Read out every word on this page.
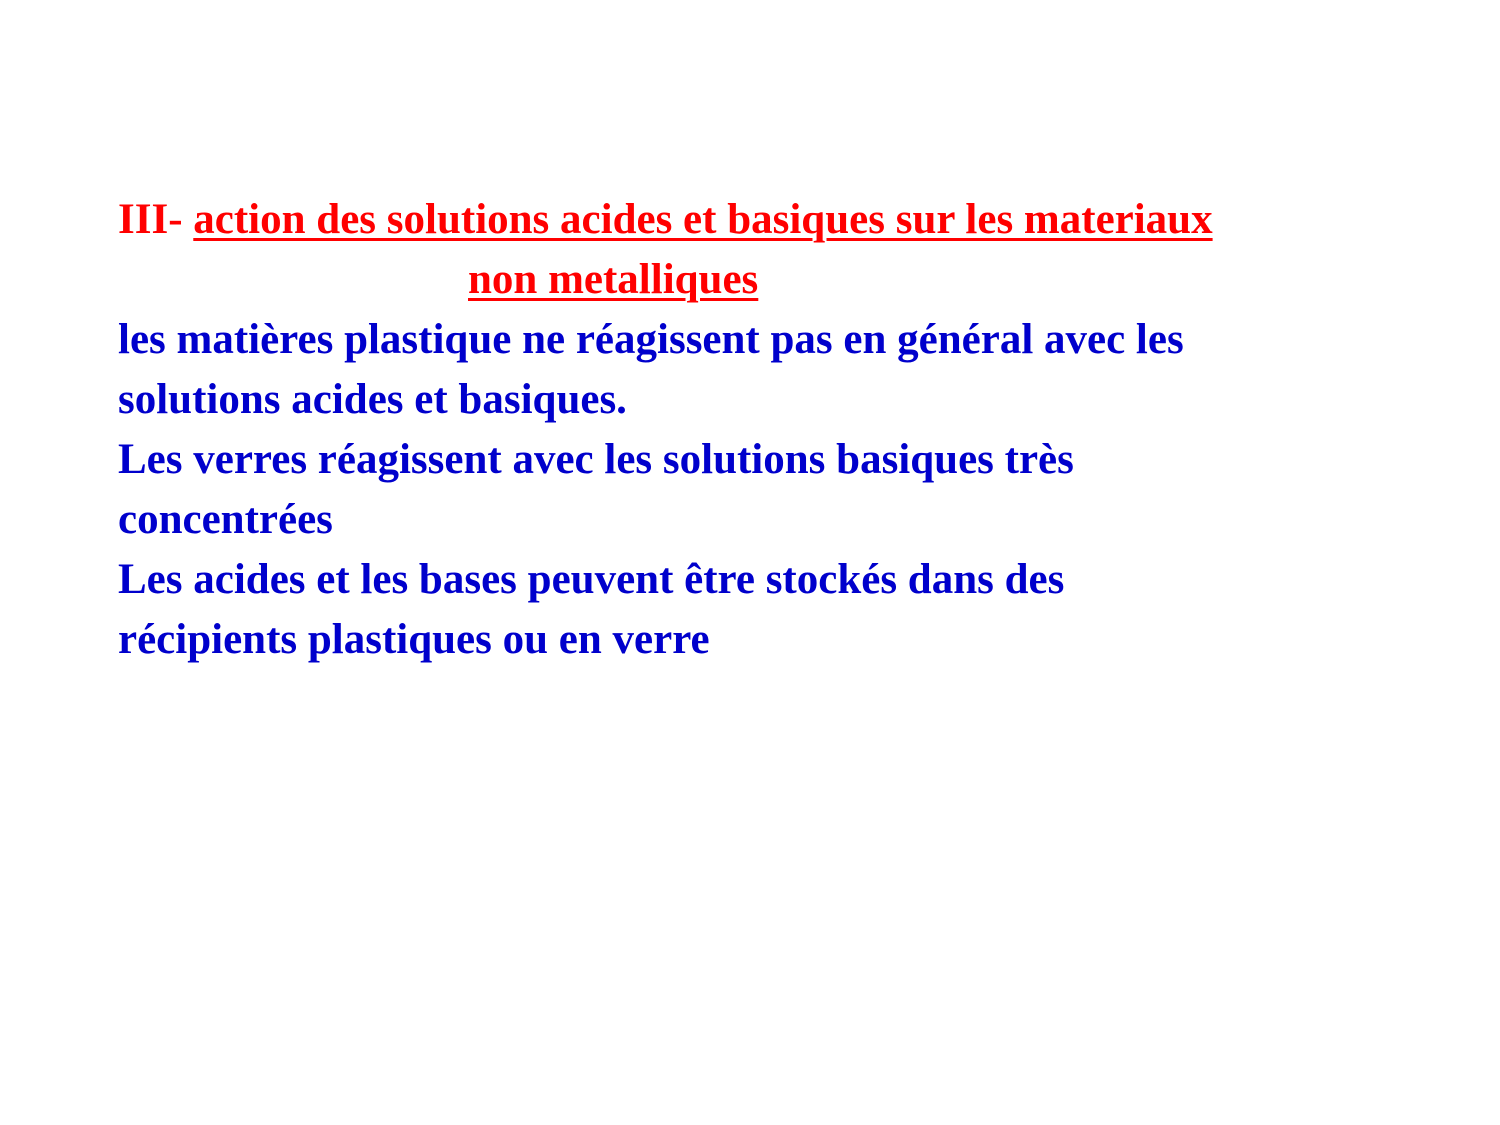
III- action des solutions acides et basiques sur les materiaux
non metalliques
les matières plastique ne réagissent pas en général avec les
solutions acides et basiques.
Les verres réagissent avec les solutions basiques très
concentrées
Les acides et les bases peuvent être stockés dans des
récipients plastiques ou en verre
